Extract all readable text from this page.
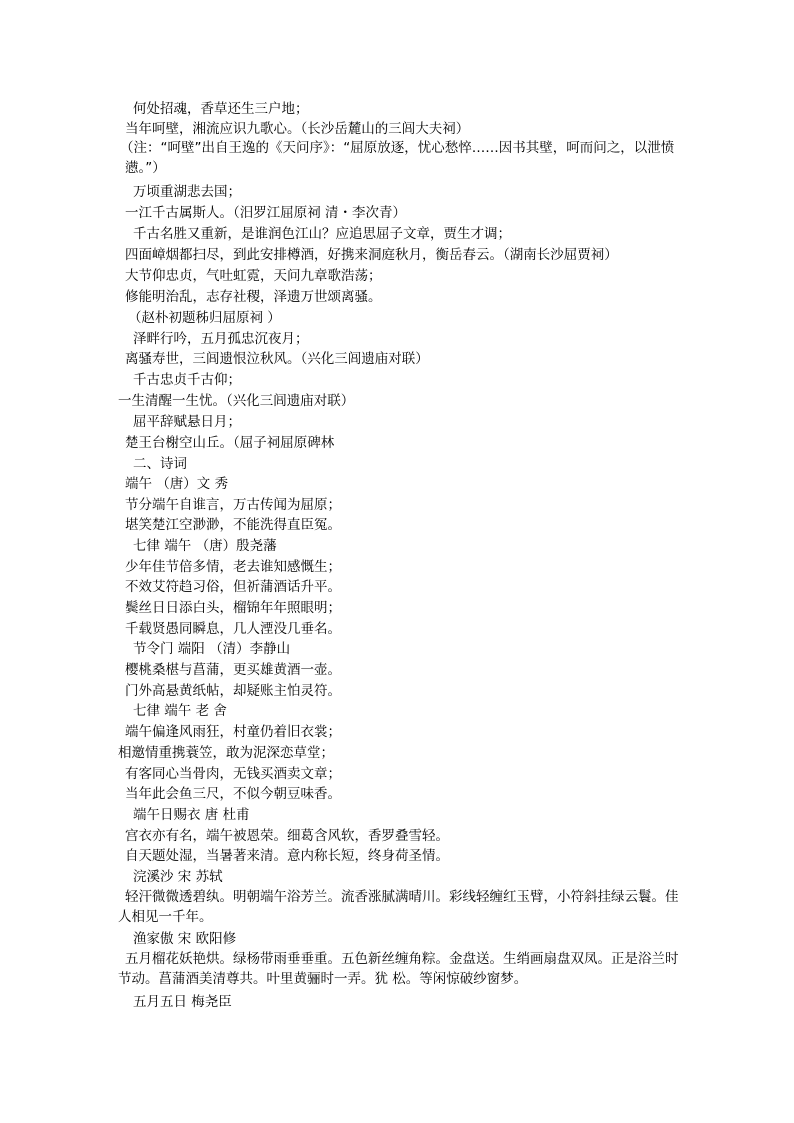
何处招魂，香草还生三户地；
当年呵壁，湘流应识九歌心。（长沙岳麓山的三闾大夫祠）
（注：“呵壁”出自王逸的《天问序》：“屈原放逐，忧心愁悴……因书其壁，呵而问之，以泄愤懑。”）
万顷重湖悲去国；
一江千古属斯人。（汨罗江屈原祠 清・李次青）
千古名胜又重新，是谁润色江山？应追思屈子文章，贾生才调；
四面嶂烟都扫尽，到此安排樽酒，好携来洞庭秋月，衡岳春云。（湖南长沙屈贾祠）
大节仰忠贞，气吐虹霓，天问九章歌浩荡；
修能明治乱，志存社稷，泽遗万世颂离骚。
（赵朴初题秭归屈原祠 ）
泽畔行吟，五月孤忠沉夜月；
离骚寿世，三闾遗恨泣秋风。（兴化三闾遗庙对联）
千古忠贞千古仰；
一生清醒一生忧。（兴化三闾遗庙对联）
屈平辞赋悬日月；
楚王台榭空山丘。（屈子祠屈原碑林
二、诗词
端午 （唐）文 秀
节分端午自谁言，万古传闻为屈原；
堪笑楚江空渺渺，不能洗得直臣冤。
七律 端午 （唐）殷尧藩
少年佳节倍多情，老去谁知感慨生；
不效艾符趋习俗，但祈蒲酒话升平。
鬓丝日日添白头，榴锦年年照眼明；
千载贤愚同瞬息，几人湮没几垂名。
节令门 端阳 （清）李静山
樱桃桑椹与菖蒲，更买雄黄酒一壶。
门外高悬黄纸帖，却疑账主怕灵符。
七律 端午 老 舍
端午偏逢风雨狂，村童仍着旧衣裳；
相邀情重携蓑笠，敢为泥深恋草堂；
有客同心当骨肉，无钱买酒卖文章；
当年此会鱼三尺，不似今朝豆味香。
端午日赐衣 唐 杜甫
宫衣亦有名，端午被恩荣。细葛含风软，香罗叠雪轻。
自天题处湿，当暑著来清。意内称长短，终身荷圣情。
浣溪沙 宋 苏轼
轻汗微微透碧纨。明朝端午浴芳兰。流香涨腻满晴川。彩线轻缠红玉臂，小符斜挂绿云鬟。佳人相见一千年。
渔家傲 宋 欧阳修
五月榴花妖艳烘。绿杨带雨垂垂重。五色新丝缠角粽。金盘送。生绡画扇盘双凤。正是浴兰时节动。菖蒲酒美清尊共。叶里黄骊时一弄。犹 松。等闲惊破纱窗梦。
五月五日 梅尧臣
